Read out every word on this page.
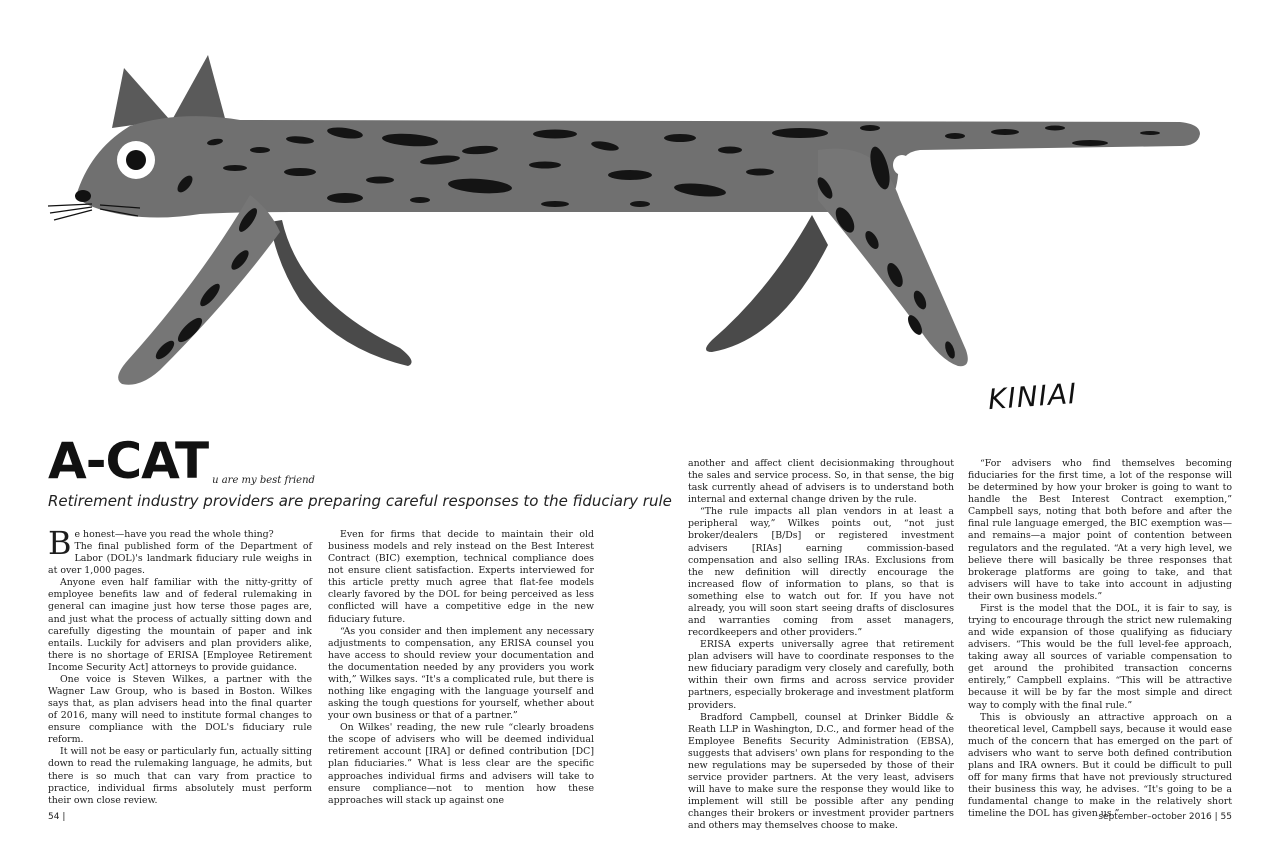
KINIAI
A-CAT u are my best friend
Retirement industry providers are preparing careful responses to the fiduciary rule

Be honest—have you read the whole thing?

The final published form of the Department of Labor (DOL)'s landmark fiduciary rule weighs in at over 1,000 pages.

Anyone even half familiar with the nitty-gritty of employee benefits law and of federal rulemaking in general can imagine just how terse those pages are, and just what the process of actually sitting down and carefully digesting the mountain of paper and ink entails. Luckily for advisers and plan providers alike, there is no shortage of ERISA [Employee Retirement Income Security Act] attorneys to provide guidance.

One voice is Steven Wilkes, a partner with the Wagner Law Group, who is based in Boston. Wilkes says that, as plan advisers head into the final quarter of 2016, many will need to institute formal changes to ensure compliance with the DOL's fiduciary rule reform.

It will not be easy or particularly fun, actually sitting down to read the rulemaking language, he admits, but there is so much that can vary from practice to practice, individual firms absolutely must perform their own close review.

Even for firms that decide to maintain their old business models and rely instead on the Best Interest Contract (BIC) exemption, technical compliance does not ensure client satisfaction. Experts interviewed for this article pretty much agree that flat-fee models clearly favored by the DOL for being perceived as less conflicted will have a competitive edge in the new fiduciary future.

“As you consider and then implement any necessary adjustments to compensation, any ERISA counsel you have access to should review your documentation and the documentation needed by any providers you work with,” Wilkes says. “It's a complicated rule, but there is nothing like engaging with the language yourself and asking the tough questions for yourself, whether about your own business or that of a partner.”

On Wilkes' reading, the new rule “clearly broadens the scope of advisers who will be deemed individual retirement account [IRA] or defined contribution [DC] plan fiduciaries.” What is less clear are the specific approaches individual firms and advisers will take to ensure compliance—not to mention how these approaches will stack up against one

another and affect client decisionmaking throughout the sales and service process. So, in that sense, the big task currently ahead of advisers is to understand both internal and external change driven by the rule.

“The rule impacts all plan vendors in at least a peripheral way,” Wilkes points out, “not just broker/dealers [B/Ds] or registered investment advisers [RIAs] earning commission-based compensation and also selling IRAs. Exclusions from the new definition will directly encourage the increased flow of information to plans, so that is something else to watch out for. If you have not already, you will soon start seeing drafts of disclosures and warranties coming from asset managers, recordkeepers and other providers.”

ERISA experts universally agree that retirement plan advisers will have to coordinate responses to the new fiduciary paradigm very closely and carefully, both within their own firms and across service provider partners, especially brokerage and investment platform providers.

Bradford Campbell, counsel at Drinker Biddle & Reath LLP in Washington, D.C., and former head of the Employee Benefits Security Administration (EBSA), suggests that advisers' own plans for responding to the new regulations may be superseded by those of their service provider partners. At the very least, advisers will have to make sure the response they would like to implement will still be possible after any pending changes their brokers or investment provider partners and others may themselves choose to make.

“For advisers who find themselves becoming fiduciaries for the first time, a lot of the response will be determined by how your broker is going to want to handle the Best Interest Contract exemption,” Campbell says, noting that both before and after the final rule language emerged, the BIC exemption was—and remains—a major point of contention between regulators and the regulated. “At a very high level, we believe there will basically be three responses that brokerage platforms are going to take, and that advisers will have to take into account in adjusting their own business models.”

First is the model that the DOL, it is fair to say, is trying to encourage through the strict new rulemaking and wide expansion of those qualifying as fiduciary advisers. “This would be the full level-fee approach, taking away all sources of variable compensation to get around the prohibited transaction concerns entirely,” Campbell explains. “This will be attractive because it will be by far the most simple and direct way to comply with the final rule.”

This is obviously an attractive approach on a theoretical level, Campbell says, because it would ease much of the concern that has emerged on the part of advisers who want to serve both defined contribution plans and IRA owners. But it could be difficult to pull off for many firms that have not previously structured their business this way, he advises. “It's going to be a fundamental change to make in the relatively short timeline the DOL has given us.”

54 |	september–october 2016 | 55
